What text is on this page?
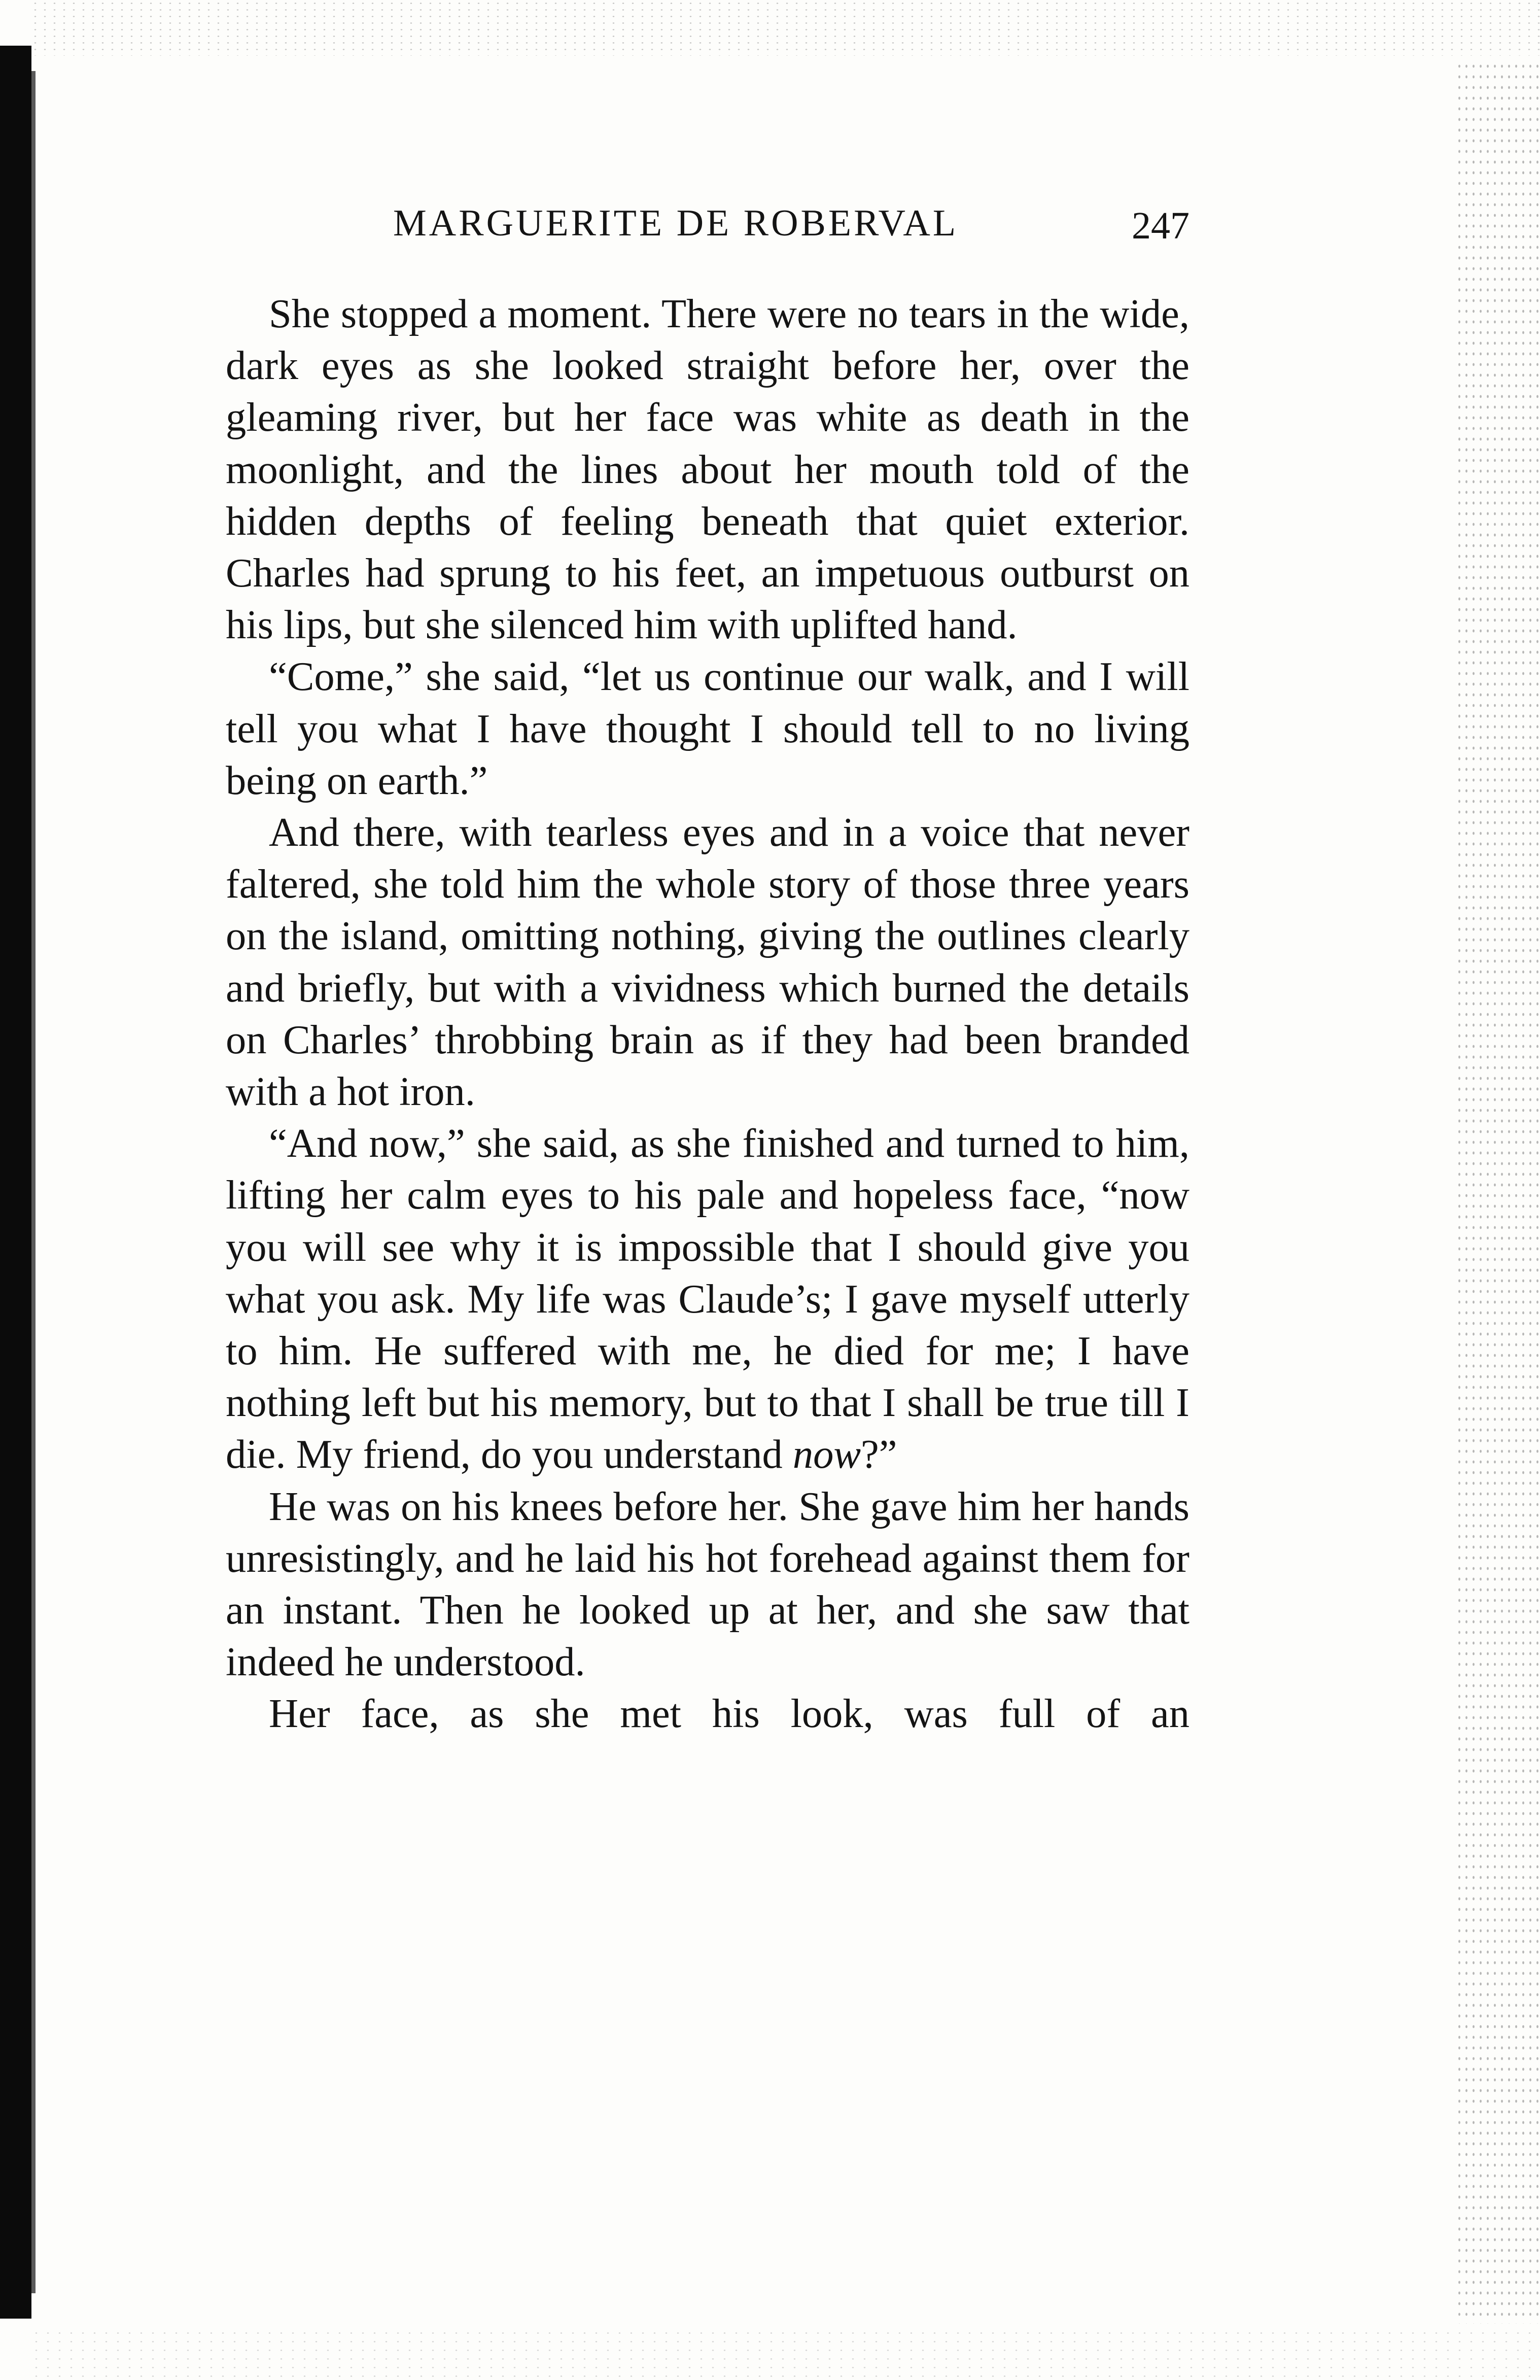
MARGUERITE DE ROBERVAL	247

She stopped a moment. There were no tears in the wide, dark eyes as she looked straight before her, over the gleaming river, but her face was white as death in the moonlight, and the lines about her mouth told of the hidden depths of feeling beneath that quiet exterior. Charles had sprung to his feet, an impetuous outburst on his lips, but she silenced him with uplifted hand.

“Come,” she said, “let us continue our walk, and I will tell you what I have thought I should tell to no living being on earth.”

And there, with tearless eyes and in a voice that never faltered, she told him the whole story of those three years on the island, omitting nothing, giving the outlines clearly and briefly, but with a vividness which burned the details on Charles’ throbbing brain as if they had been branded with a hot iron.

“And now,” she said, as she finished and turned to him, lifting her calm eyes to his pale and hopeless face, “now you will see why it is impossible that I should give you what you ask. My life was Claude’s; I gave myself utterly to him. He suffered with me, he died for me; I have nothing left but his memory, but to that I shall be true till I die. My friend, do you understand now?”

He was on his knees before her. She gave him her hands unresistingly, and he laid his hot forehead against them for an instant. Then he looked up at her, and she saw that indeed he understood.

Her face, as she met his look, was full of an
